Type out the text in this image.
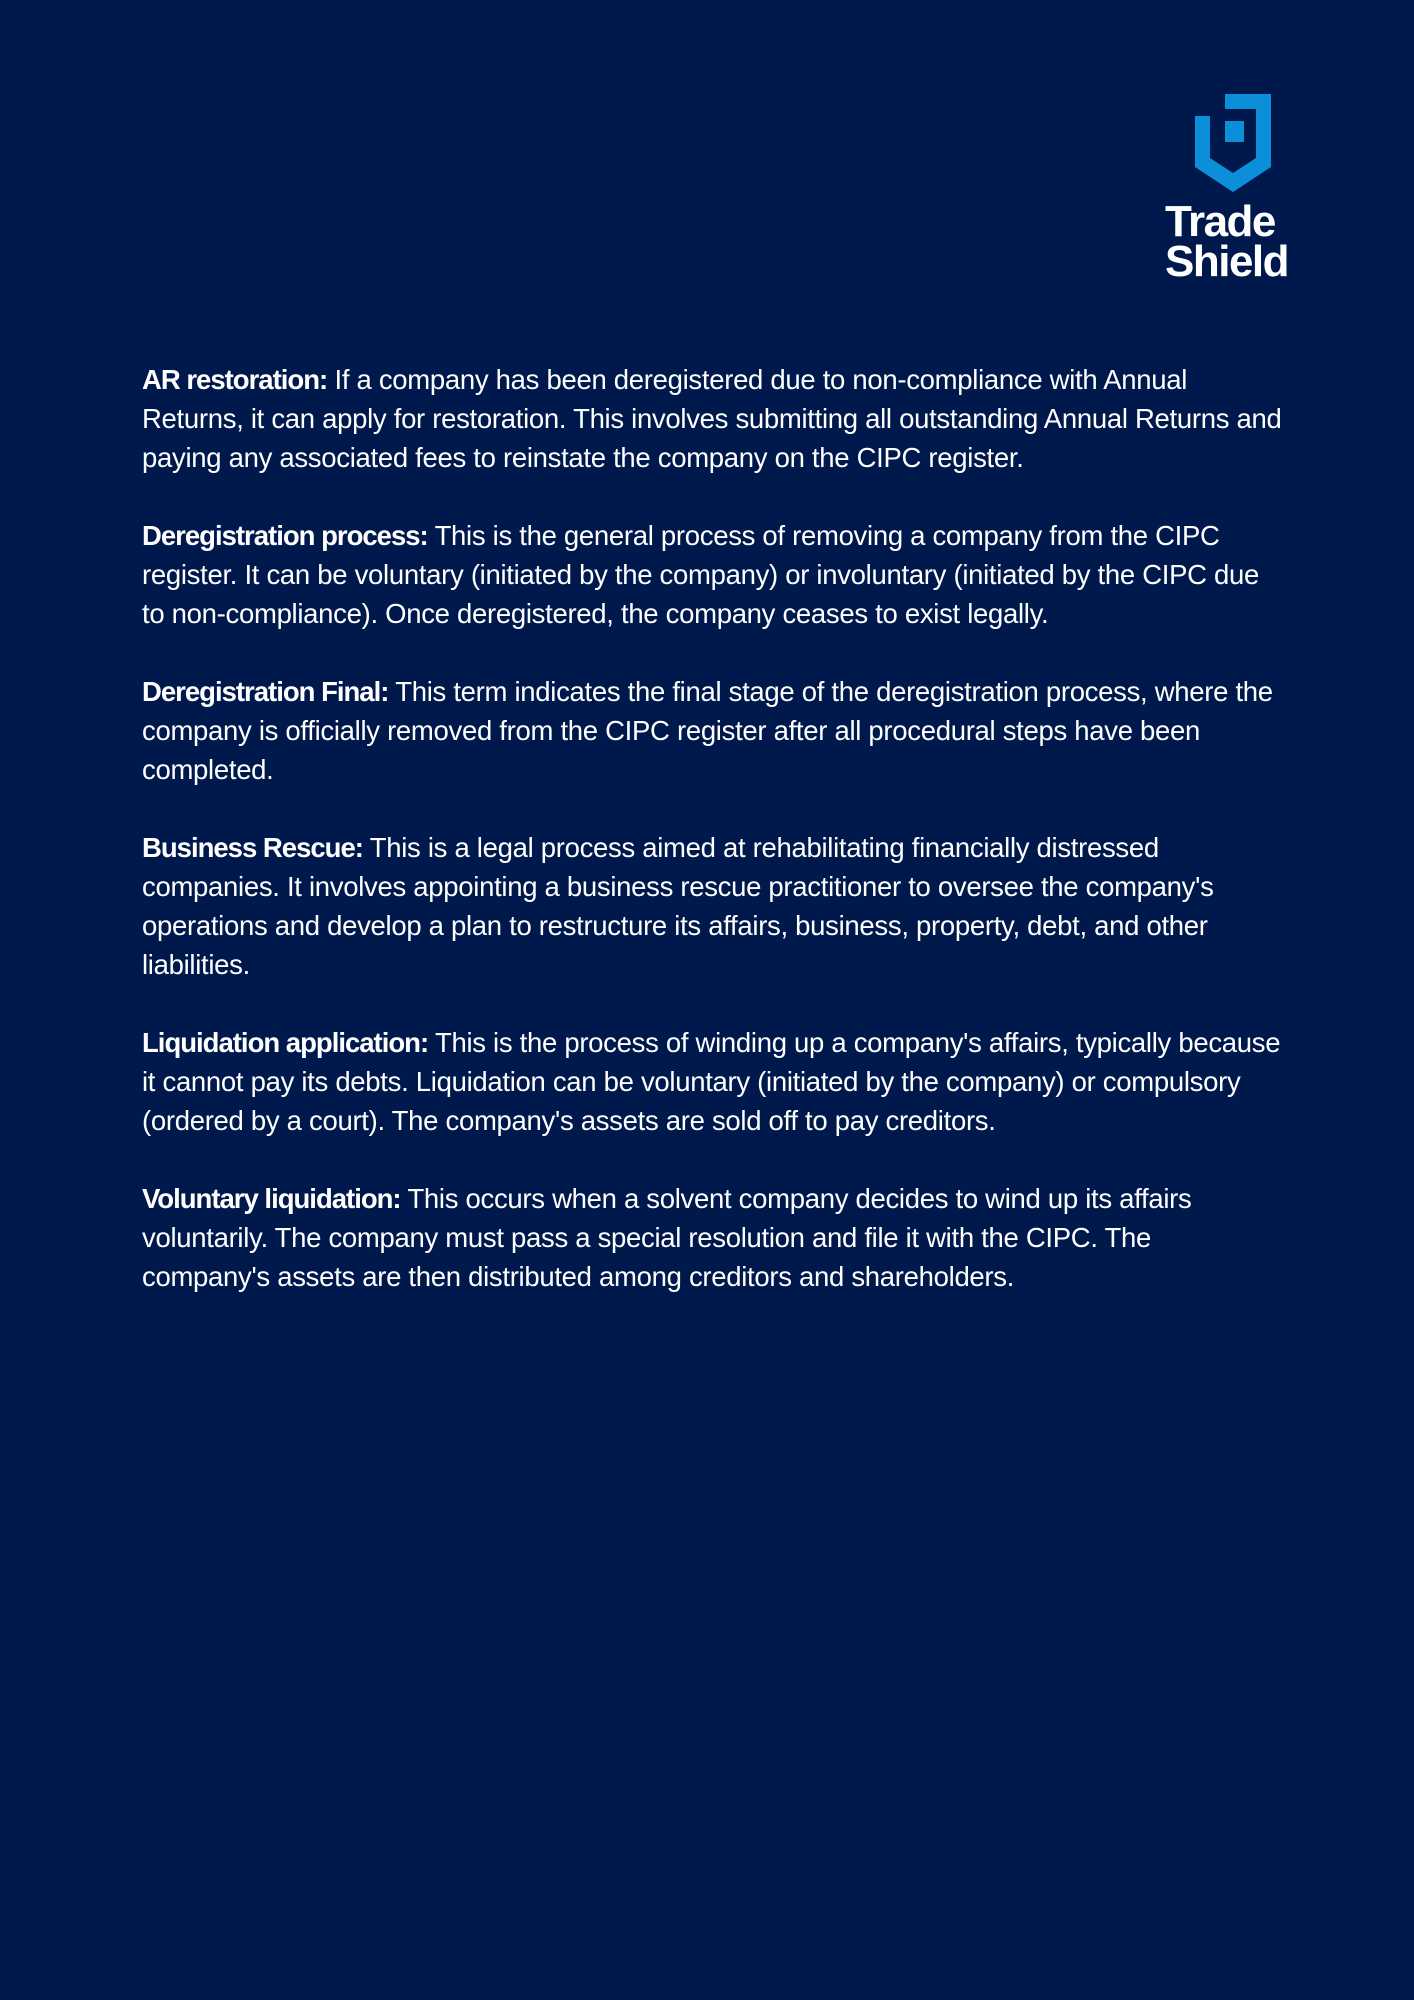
Trade
Shield

AR restoration: If a company has been deregistered due to non-compliance with Annual Returns, it can apply for restoration. This involves submitting all outstanding Annual Returns and paying any associated fees to reinstate the company on the CIPC register.

Deregistration process: This is the general process of removing a company from the CIPC register. It can be voluntary (initiated by the company) or involuntary (initiated by the CIPC due to non-compliance). Once deregistered, the company ceases to exist legally.

Deregistration Final: This term indicates the final stage of the deregistration process, where the company is officially removed from the CIPC register after all procedural steps have been completed.

Business Rescue: This is a legal process aimed at rehabilitating financially distressed companies. It involves appointing a business rescue practitioner to oversee the company's operations and develop a plan to restructure its affairs, business, property, debt, and other liabilities.

Liquidation application: This is the process of winding up a company's affairs, typically because it cannot pay its debts. Liquidation can be voluntary (initiated by the company) or compulsory (ordered by a court). The company's assets are sold off to pay creditors.

Voluntary liquidation: This occurs when a solvent company decides to wind up its affairs voluntarily. The company must pass a special resolution and file it with the CIPC. The company's assets are then distributed among creditors and shareholders.
